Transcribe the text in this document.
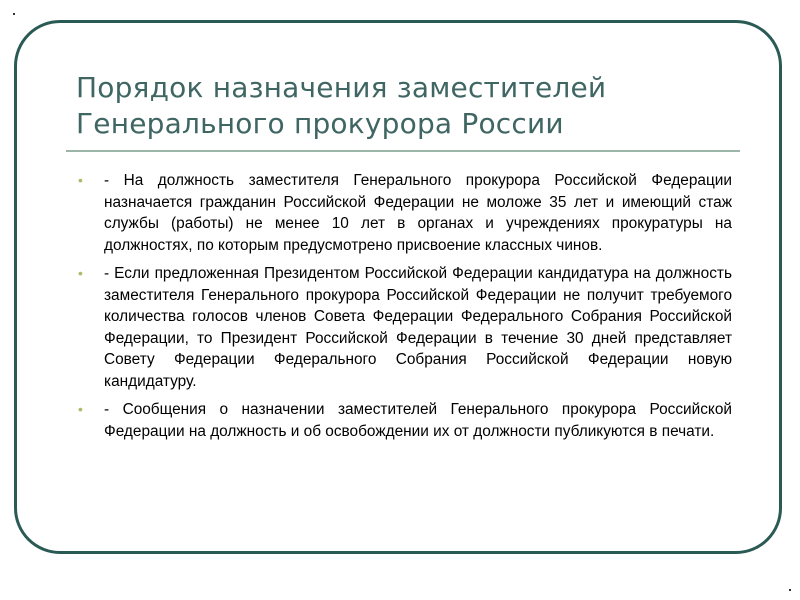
Порядок назначения заместителей Генерального прокурора России
• - На должность заместителя Генерального прокурора Российской Федерации назначается гражданин Российской Федерации не моложе 35 лет и имеющий стаж службы (работы) не менее 10 лет в органах и учреждениях прокуратуры на должностях, по которым предусмотрено присвоение классных чинов.
• - Если предложенная Президентом Российской Федерации кандидатура на должность заместителя Генерального прокурора Российской Федерации не получит требуемого количества голосов членов Совета Федерации Федерального Собрания Российской Федерации, то Президент Российской Федерации в течение 30 дней представляет Совету Федерации Федерального Собрания Российской Федерации новую кандидатуру.
• - Сообщения о назначении заместителей Генерального прокурора Российской Федерации на должность и об освобождении их от должности публикуются в печати.
